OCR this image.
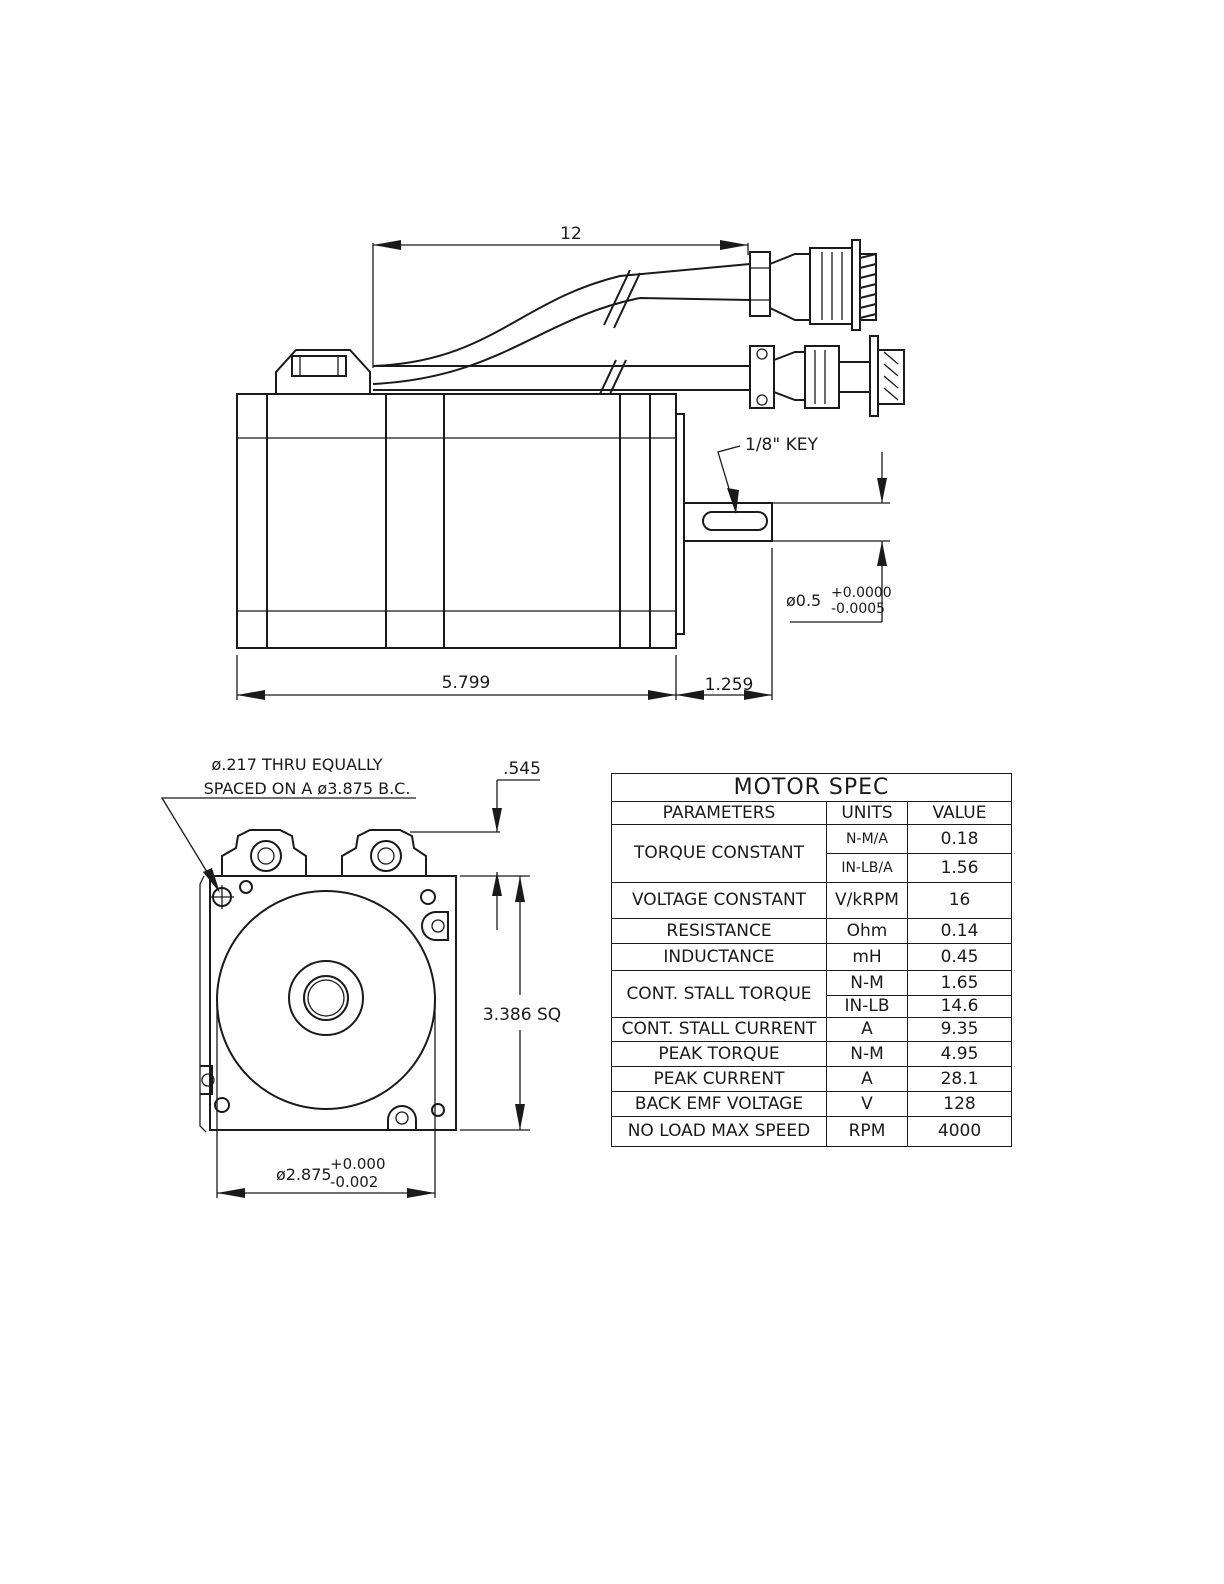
12
1/8" KEY
ø0.5 +0.0000
-0.0005
5.799	1.259
ø.217 THRU EQUALLY
SPACED ON A ø3.875 B.C.
.545
3.386 SQ
ø2.875
+0.000
-0.002
MOTOR SPEC		
PARAMETERS	UNITS	VALUE
TORQUE CONSTANT	N-M/A	0.18
	IN-LB/A	1.56
VOLTAGE CONSTANT	V/kRPM	16
RESISTANCE	Ohm	0.14
INDUCTANCE	mH	0.45
CONT. STALL TORQUE	N-M	1.65
	IN-LB	14.6
CONT. STALL CURRENT	A	9.35
PEAK TORQUE	N-M	4.95
PEAK CURRENT	A	28.1
BACK EMF VOLTAGE	V	128
NO LOAD MAX SPEED	RPM	4000
